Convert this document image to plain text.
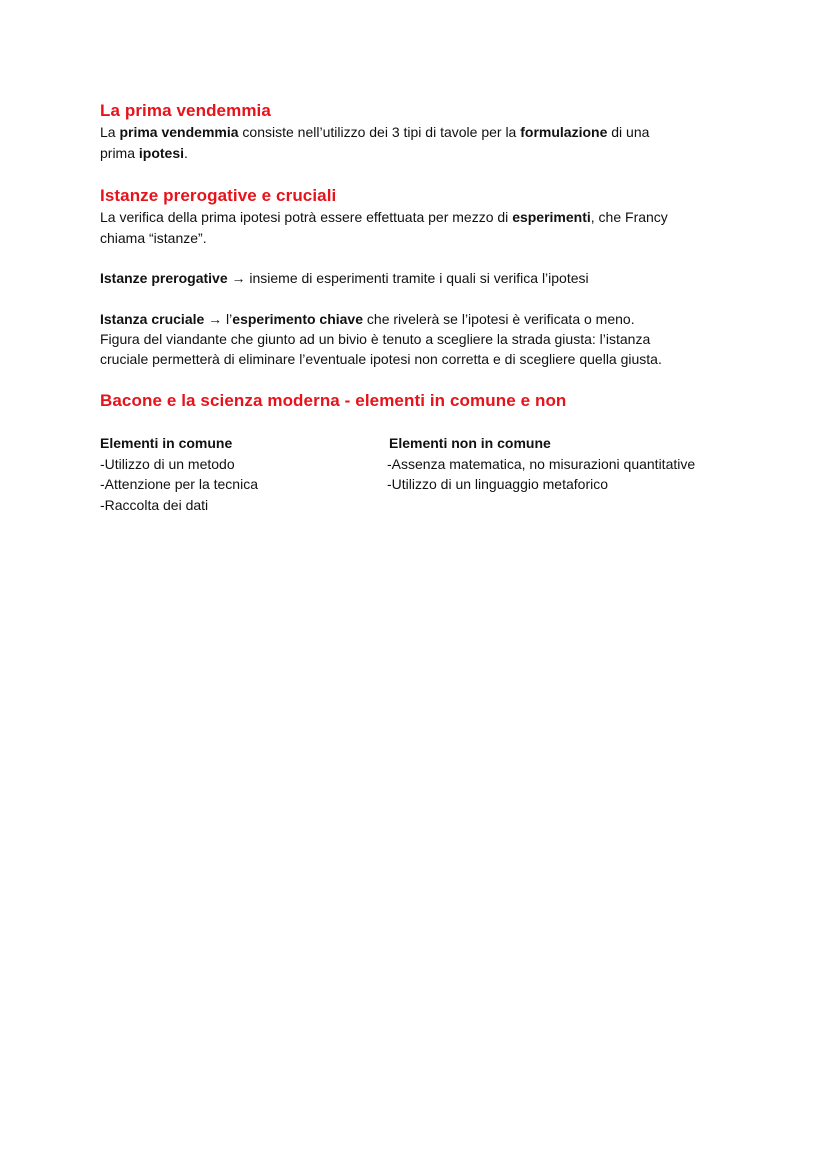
La prima vendemmia

La prima vendemmia consiste nell’utilizzo dei 3 tipi di tavole per la formulazione di una

prima ipotesi.

Istanze prerogative e cruciali

La verifica della prima ipotesi potrà essere effettuata per mezzo di esperimenti, che Francy

chiama “istanze”.

Istanze prerogative → insieme di esperimenti tramite i quali si verifica l’ipotesi

Istanza cruciale → l’esperimento chiave che rivelerà se l’ipotesi è verificata o meno.

Figura del viandante che giunto ad un bivio è tenuto a scegliere la strada giusta: l’istanza

cruciale permetterà di eliminare l’eventuale ipotesi non corretta e di scegliere quella giusta.

Bacone e la scienza moderna - elementi in comune e non
Elementi in comune
-Utilizzo di un metodo
-Attenzione per la tecnica
-Raccolta dei dati
Elementi non in comune
-Assenza matematica, no misurazioni quantitative
-Utilizzo di un linguaggio metaforico
